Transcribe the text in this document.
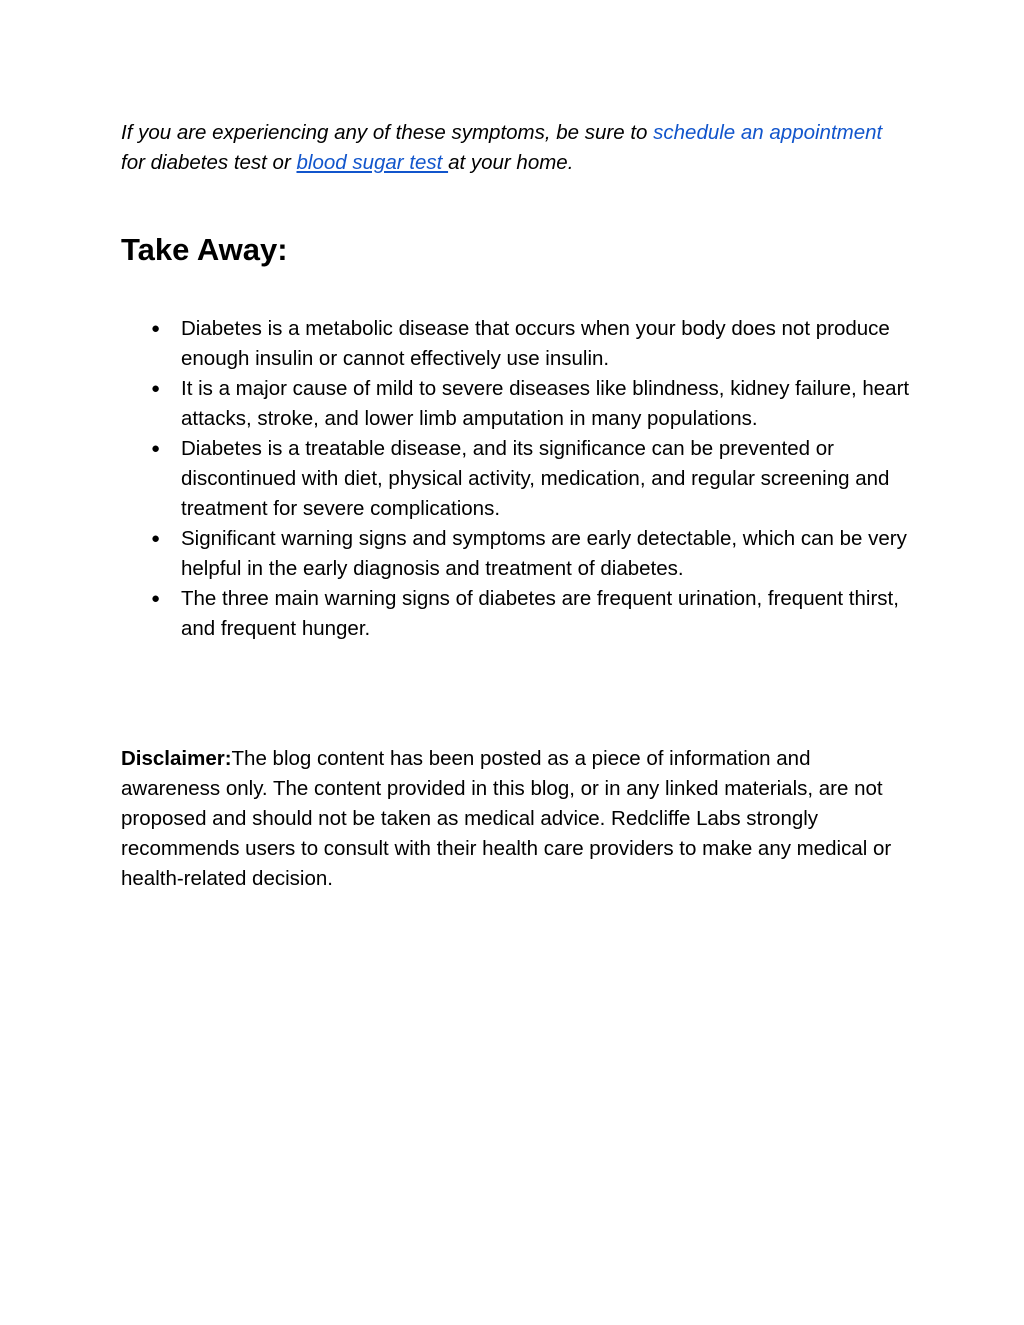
If you are experiencing any of these symptoms, be sure to schedule an appointment for diabetes test or blood sugar test at your home.

Take Away:
● Diabetes is a metabolic disease that occurs when your body does not produce enough insulin or cannot effectively use insulin.
● It is a major cause of mild to severe diseases like blindness, kidney failure, heart attacks, stroke, and lower limb amputation in many populations.
● Diabetes is a treatable disease, and its significance can be prevented or discontinued with diet, physical activity, medication, and regular screening and treatment for severe complications.
● Significant warning signs and symptoms are early detectable, which can be very helpful in the early diagnosis and treatment of diabetes.
● The three main warning signs of diabetes are frequent urination, frequent thirst, and frequent hunger.

Disclaimer:The blog content has been posted as a piece of information and awareness only. The content provided in this blog, or in any linked materials, are not proposed and should not be taken as medical advice. Redcliffe Labs strongly recommends users to consult with their health care providers to make any medical or health-related decision.
